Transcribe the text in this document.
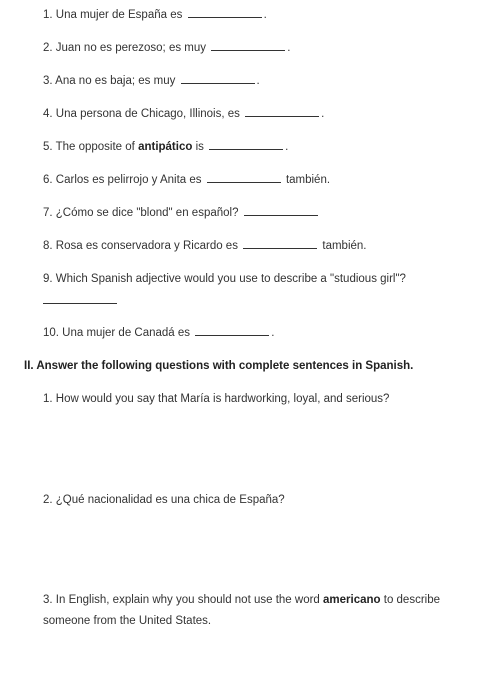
1. Una mujer de España es	.
2. Juan no es perezoso; es muy	.
3. Ana no es baja; es muy	.
4. Una persona de Chicago, Illinois, es	.
5. The opposite of antipático is	.
6. Carlos es pelirrojo y Anita es	también.
7. ¿Cómo se dice "blond" en español?
8. Rosa es conservadora y Ricardo es	también.
9. Which Spanish adjective would you use to describe a "studious girl"?
10. Una mujer de Canadá es	.
II. Answer the following questions with complete sentences in Spanish.
1. How would you say that María is hardworking, loyal, and serious?
2. ¿Qué nacionalidad es una chica de España?
3. In English, explain why you should not use the word americano to describe someone from the United States.
